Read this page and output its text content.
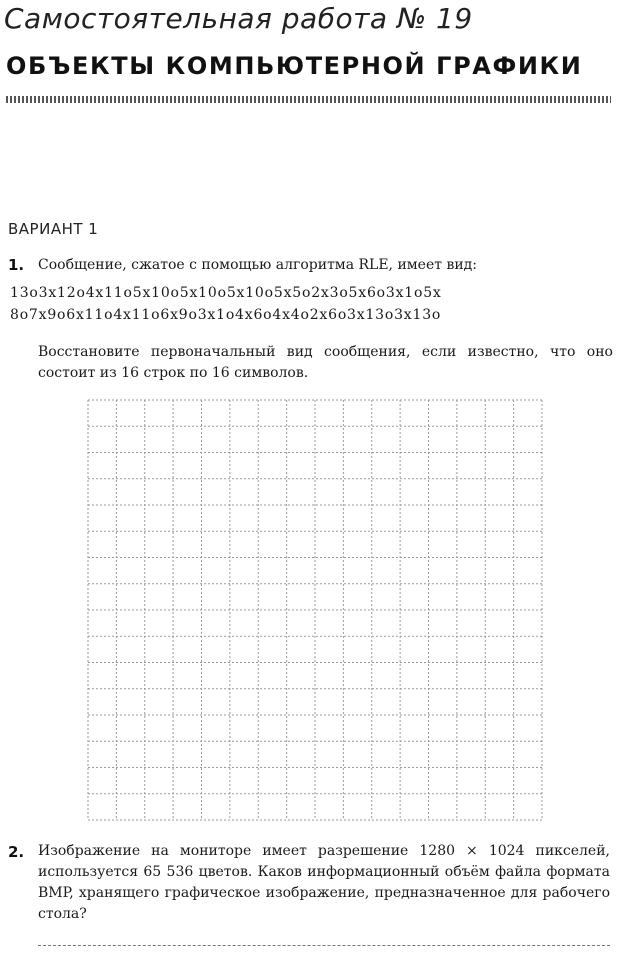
Самостоятельная работа № 19
ОБЪЕКТЫ КОМПЬЮТЕРНОЙ ГРАФИКИ
ВАРИАНТ 1
1. Сообщение, сжатое с помощью алгоритма RLE, имеет вид:
13о3х12о4х11о5х10о5х10о5х10о5х5о2х3о5х6о3х1о5х
8о7х9о6х11о4х11о6х9о3х1о4х6о4х4о2х6о3х13о3х13о
Восстановите первоначальный вид сообщения, если известно, что оно состоит из 16 строк по 16 символов.
2. Изображение на мониторе имеет разрешение 1280 × 1024 пикселей, используется 65 536 цветов. Каков информационный объём файла формата BMP, хранящего графическое изображение, предназначенное для рабочего стола?
